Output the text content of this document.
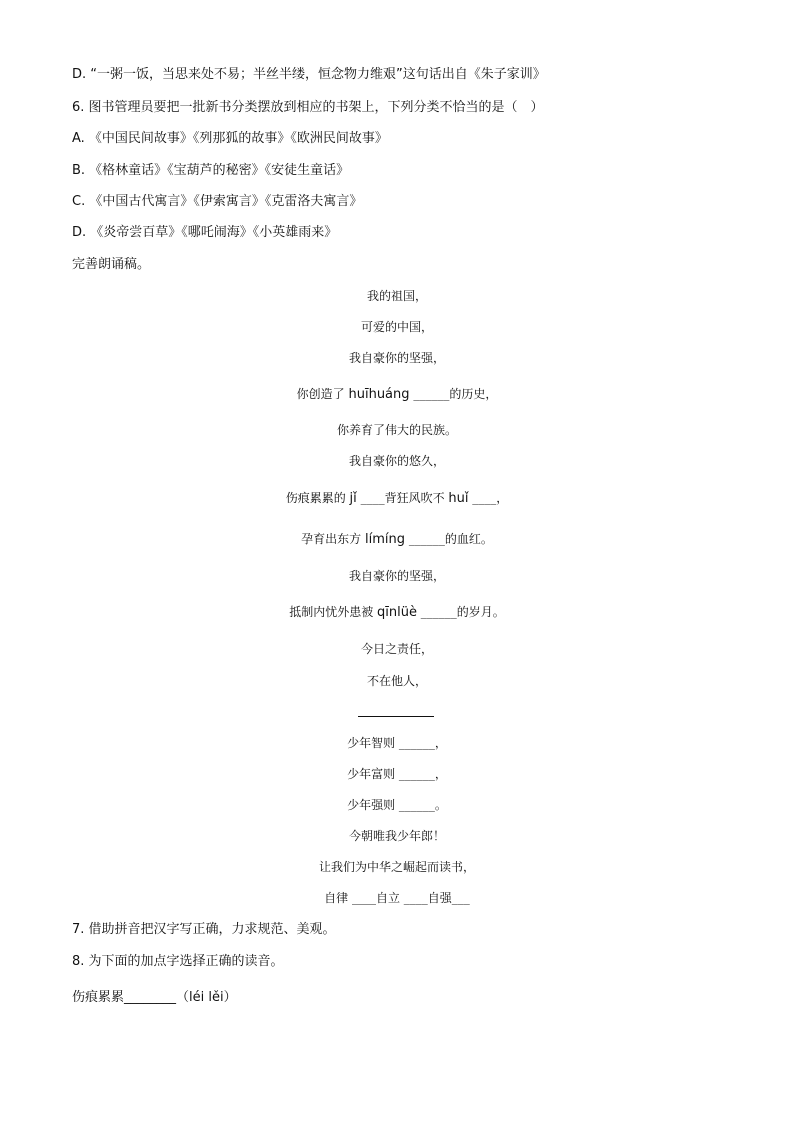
D. “一粥一饭，当思来处不易；半丝半缕，恒念物力维艰”这句话出自《朱子家训》
6. 图书管理员要把一批新书分类摆放到相应的书架上，下列分类不恰当的是（　）
A. 《中国民间故事》《列那狐的故事》《欧洲民间故事》
B. 《格林童话》《宝葫芦的秘密》《安徒生童话》
C. 《中国古代寓言》《伊索寓言》《克雷洛夫寓言》
D. 《炎帝尝百草》《哪吒闹海》《小英雄雨来》
完善朗诵稿。
我的祖国，
可爱的中国，
我自豪你的坚强，
你创造了 huīhuáng ______的历史，
你养育了伟大的民族。
我自豪你的悠久，
伤痕累累的 jǐ ____背狂风吹不 huǐ ____，
孕育出东方 límíng ______的血红。
我自豪你的坚强，
抵制内忧外患被 qīnlüè ______的岁月。
今日之责任，
不在他人，
少年智则 ______，
少年富则 ______，
少年强则 ______。
今朝唯我少年郎！
让我们为中华之崛起而读书，
自律 ____自立 ____自强___
7. 借助拼音把汉字写正确，力求规范、美观。
8. 为下面的加点字选择正确的读音。
伤痕累累________（léi lěi）
